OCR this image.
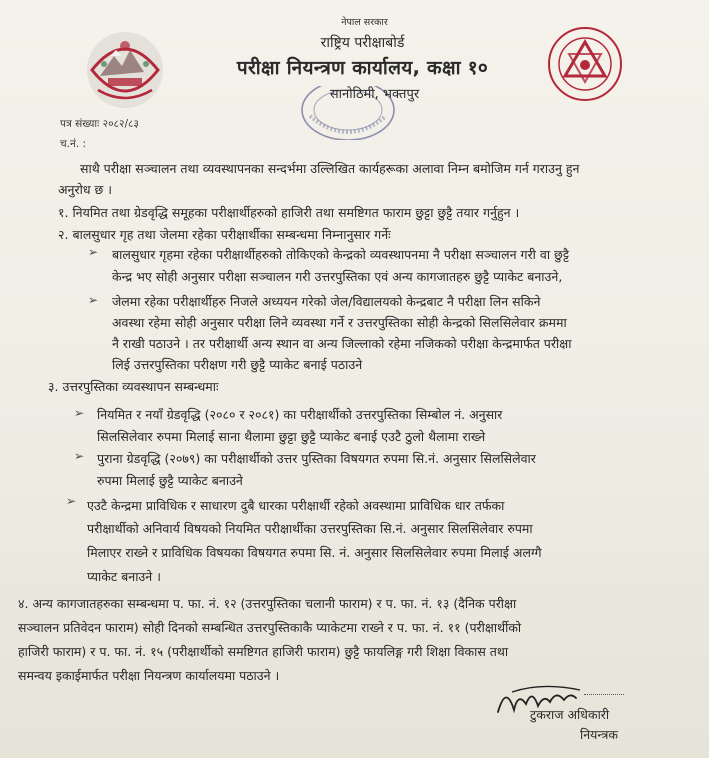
नेपाल सरकार
राष्ट्रिय परीक्षाबोर्ड
परीक्षा नियन्त्रण कार्यालय, कक्षा १०
सानोठिमी, भक्तपुर
पत्र संख्याः २०८२/८३
च.नं. :
साथै परीक्षा सञ्चालन तथा व्यवस्थापनका सन्दर्भमा उल्लिखित कार्यहरूका अलावा निम्न बमोजिम गर्न गराउनु हुन
अनुरोध छ ।
१. नियमित तथा ग्रेडवृद्धि समूहका परीक्षार्थीहरुको हाजिरी तथा समष्टिगत फाराम छुट्टा छुट्टै तयार गर्नुहुन ।
२. बालसुधार गृह तथा जेलमा रहेका परीक्षार्थीका सम्बन्धमा निम्नानुसार गर्नेः
➢ बालसुधार गृहमा रहेका परीक्षार्थीहरुको तोकिएको केन्द्रको व्यवस्थापनमा नै परीक्षा सञ्चालन गरी वा छुट्टै
केन्द्र भए सोही अनुसार परीक्षा सञ्चालन गरी उत्तरपुस्तिका एवं अन्य कागजातहरु छुट्टै प्याकेट बनाउने,
➢ जेलमा रहेका परीक्षार्थीहरु निजले अध्ययन गरेको जेल/विद्यालयको केन्द्रबाट नै परीक्षा लिन सकिने
अवस्था रहेमा सोही अनुसार परीक्षा लिने व्यवस्था गर्ने र उत्तरपुस्तिका सोही केन्द्रको सिलसिलेवार क्रममा
नै राखी पठाउने । तर परीक्षार्थी अन्य स्थान वा अन्य जिल्लाको रहेमा नजिकको परीक्षा केन्द्रमार्फत परीक्षा
लिई उत्तरपुस्तिका परीक्षण गरी छुट्टै प्याकेट बनाई पठाउने
३. उत्तरपुस्तिका व्यवस्थापन सम्बन्धमाः
➢ नियमित र नयाँ ग्रेडवृद्धि (२०८० र २०८१) का परीक्षार्थीको उत्तरपुस्तिका सिम्बोल नं. अनुसार
सिलसिलेवार रुपमा मिलाई साना थैलामा छुट्टा छुट्टै प्याकेट बनाई एउटै ठुलो थैलामा राख्ने
➢ पुराना ग्रेडवृद्धि (२०७९) का परीक्षार्थीको उत्तर पुस्तिका विषयगत रुपमा सि.नं. अनुसार सिलसिलेवार
रुपमा मिलाई छुट्टै प्याकेट बनाउने
➢ एउटै केन्द्रमा प्राविधिक र साधारण दुबै धारका परीक्षार्थी रहेको अवस्थामा प्राविधिक धार तर्फका
परीक्षार्थीको अनिवार्य विषयको नियमित परीक्षार्थीका उत्तरपुस्तिका सि.नं. अनुसार सिलसिलेवार रुपमा
मिलाएर राख्ने र प्राविधिक विषयका विषयगत रुपमा सि. नं. अनुसार सिलसिलेवार रुपमा मिलाई अलग्गै
प्याकेट बनाउने ।
४. अन्य कागजातहरुका सम्बन्धमा प. फा. नं. १२ (उत्तरपुस्तिका चलानी फाराम) र प. फा. नं. १३ (दैनिक परीक्षा
सञ्चालन प्रतिवेदन फाराम) सोही दिनको सम्बन्धित उत्तरपुस्तिकाकै प्याकेटमा राख्ने र प. फा. नं. ११ (परीक्षार्थीको
हाजिरी फाराम) र प. फा. नं. १५ (परीक्षार्थीको समष्टिगत हाजिरी फाराम) छुट्टै फायलिङ्ग गरी शिक्षा विकास तथा
समन्वय इकाईमार्फत परीक्षा नियन्त्रण कार्यालयमा पठाउने ।
टुकराज अधिकारी
नियन्त्रक
